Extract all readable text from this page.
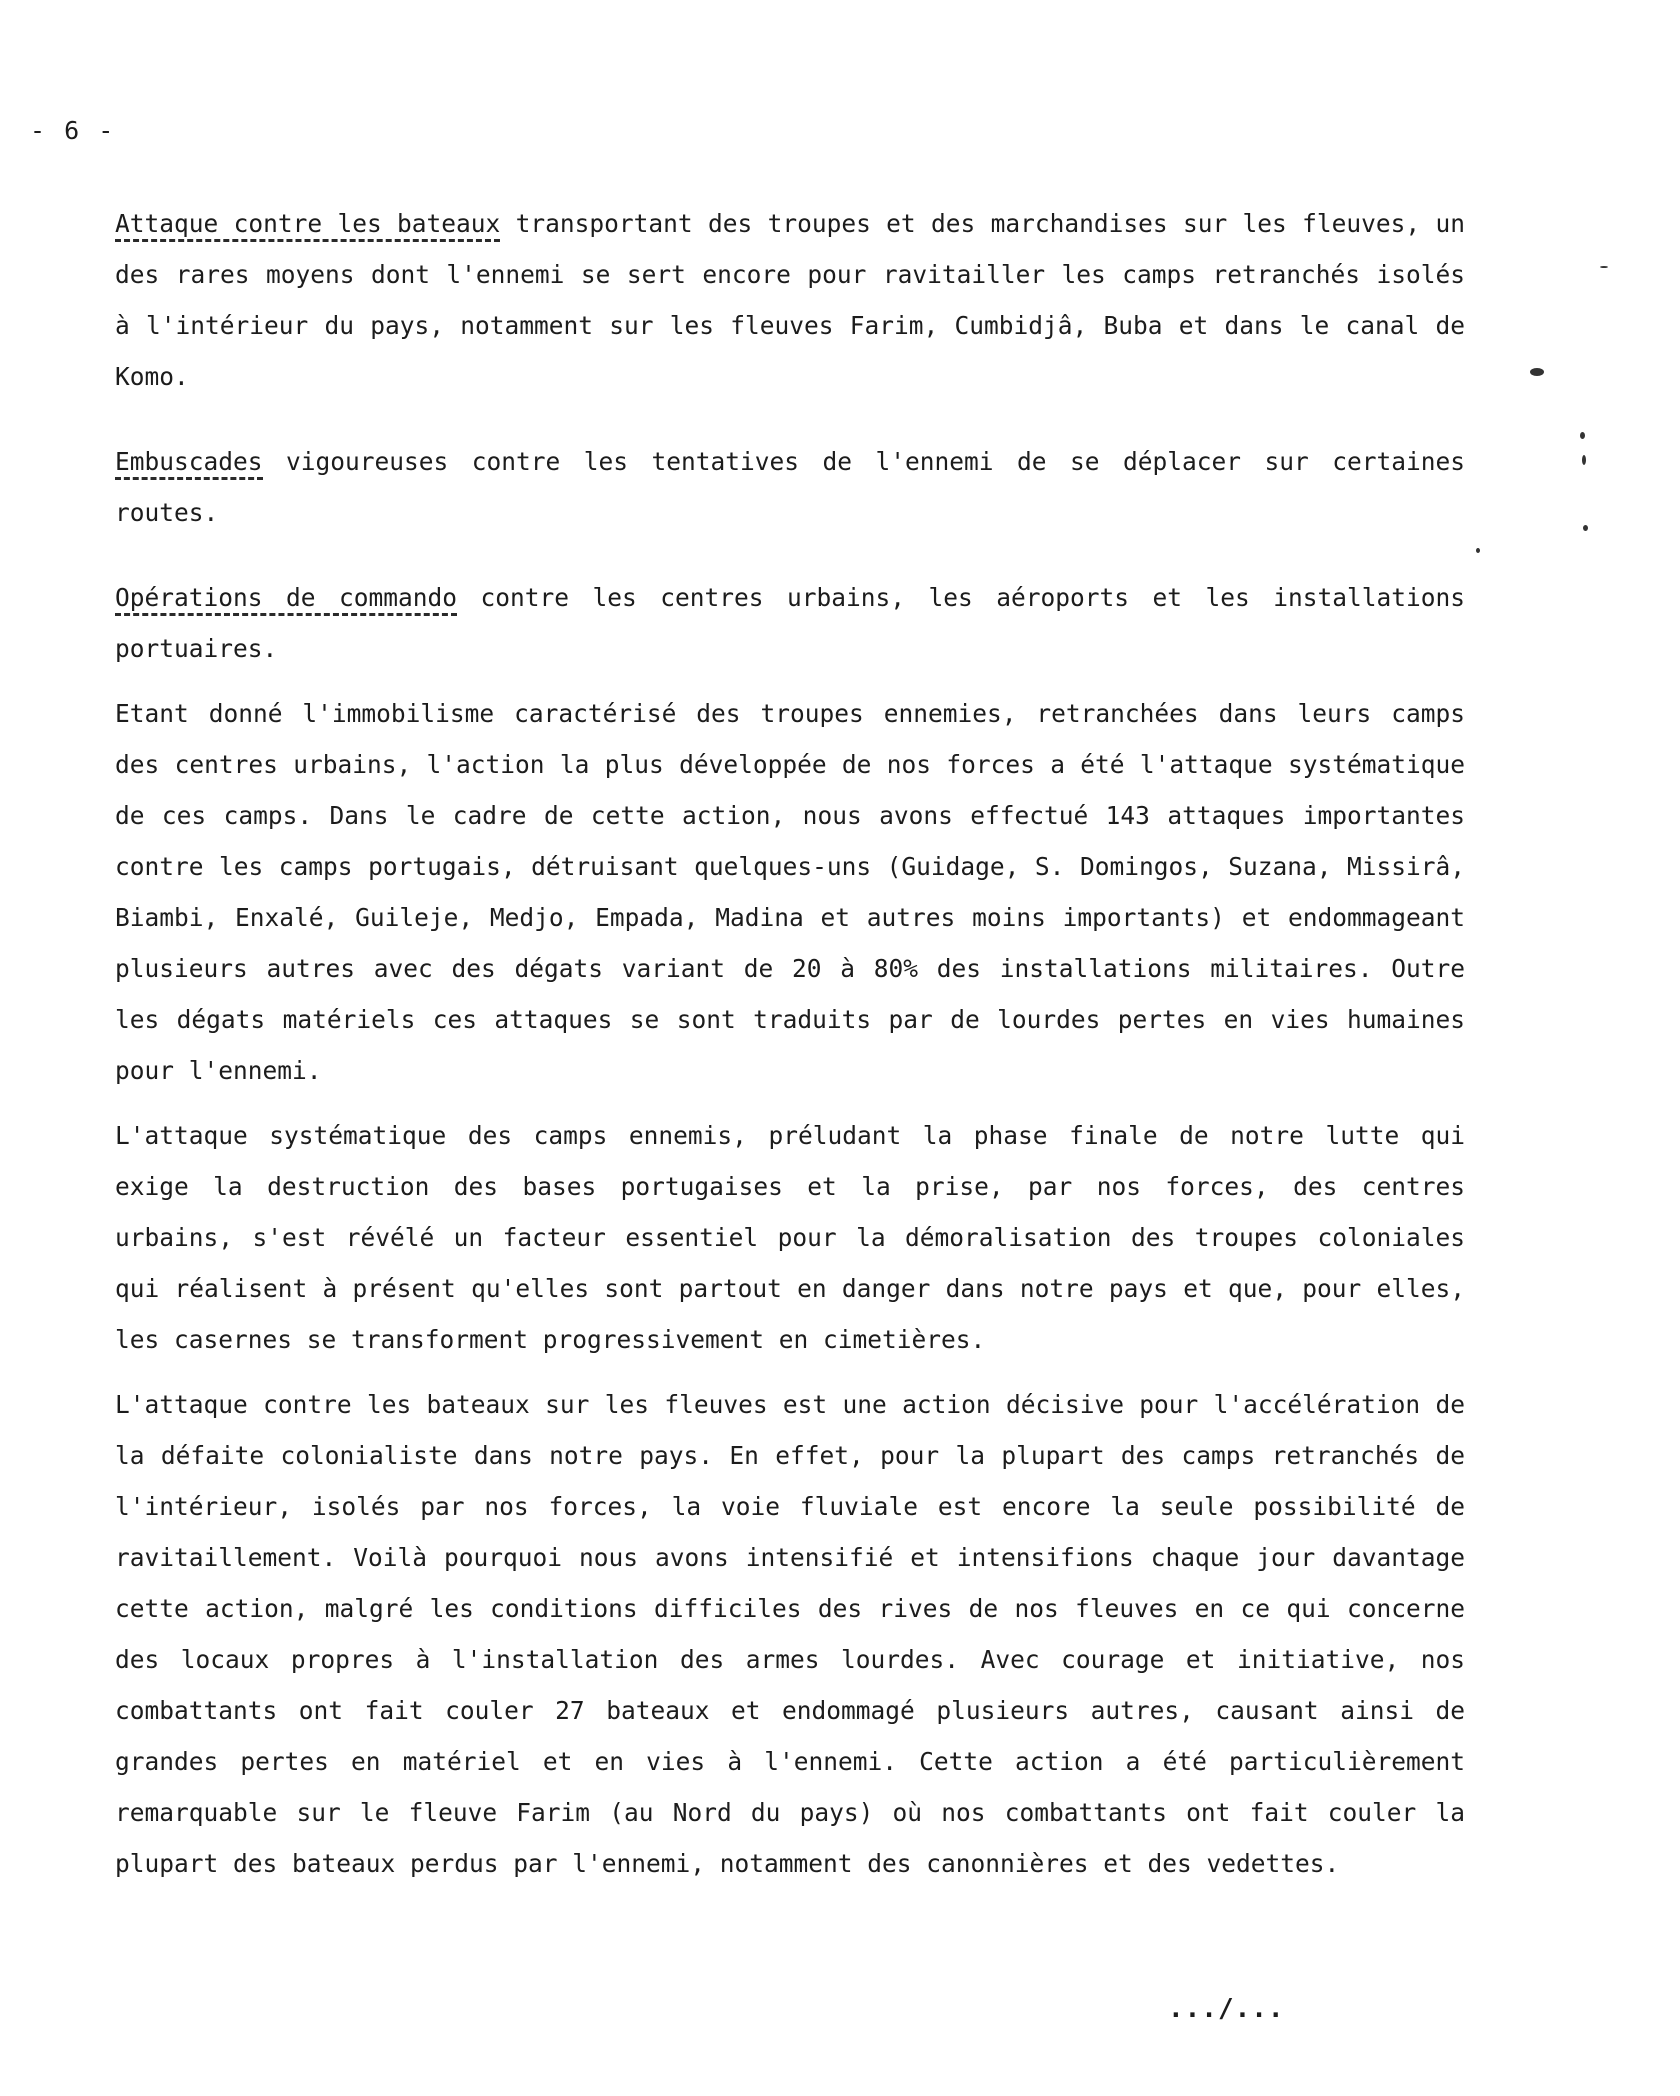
- 6 -

Attaque contre les bateaux transportant des troupes et des marchandises sur les fleuves, un des rares moyens dont l'ennemi se sert encore pour ravitailler les camps retranchés isolés à l'intérieur du pays, notamment sur les fleuves Farim, Cumbidjâ, Buba et dans le canal de Komo.

Embuscades vigoureuses contre les tentatives de l'ennemi de se déplacer sur certaines routes.

Opérations de commando contre les centres urbains, les aéroports et les installations portuaires.

Etant donné l'immobilisme caractérisé des troupes ennemies, retranchées dans leurs camps des centres urbains, l'action la plus développée de nos forces a été l'attaque systématique de ces camps. Dans le cadre de cette action, nous avons effectué 143 attaques importantes contre les camps portugais, détruisant quelques-uns (Guidage, S. Domingos, Suzana, Missirâ, Biambi, Enxalé, Guileje, Medjo, Empada, Madina et autres moins importants) et endommageant plusieurs autres avec des dégats variant de 20 à 80% des installations militaires. Outre les dégats matériels ces attaques se sont traduits par de lourdes pertes en vies humaines pour l'ennemi.

L'attaque systématique des camps ennemis, préludant la phase finale de notre lutte qui exige la destruction des bases portugaises et la prise, par nos forces, des centres urbains, s'est révélé un facteur essentiel pour la démoralisation des troupes coloniales qui réalisent à présent qu'elles sont partout en danger dans notre pays et que, pour elles, les casernes se transforment progressivement en cimetières.

L'attaque contre les bateaux sur les fleuves est une action décisive pour l'accélération de la défaite colonialiste dans notre pays. En effet, pour la plupart des camps retranchés de l'intérieur, isolés par nos forces, la voie fluviale est encore la seule possibilité de ravitaillement. Voilà pourquoi nous avons intensifié et intensifions chaque jour davantage cette action, malgré les conditions difficiles des rives de nos fleuves en ce qui concerne des locaux propres à l'installation des armes lourdes. Avec courage et initiative, nos combattants ont fait couler 27 bateaux et endommagé plusieurs autres, causant ainsi de grandes pertes en matériel et en vies à l'ennemi. Cette action a été particulièrement remarquable sur le fleuve Farim (au Nord du pays) où nos combattants ont fait couler la plupart des bateaux perdus par l'ennemi, notamment des canonnières et des vedettes.

.../...
